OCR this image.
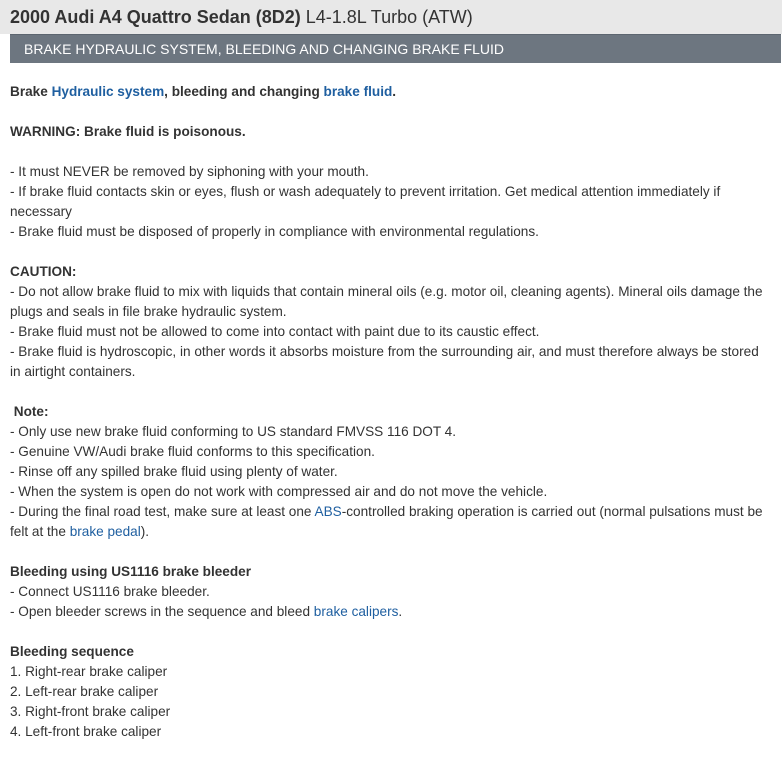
2000 Audi A4 Quattro Sedan (8D2) L4-1.8L Turbo (ATW)
BRAKE HYDRAULIC SYSTEM, BLEEDING AND CHANGING BRAKE FLUID

Brake Hydraulic system, bleeding and changing brake fluid.

WARNING: Brake fluid is poisonous.

- It must NEVER be removed by siphoning with your mouth.
- If brake fluid contacts skin or eyes, flush or wash adequately to prevent irritation. Get medical attention immediately if necessary
- Brake fluid must be disposed of properly in compliance with environmental regulations.

CAUTION:

- Do not allow brake fluid to mix with liquids that contain mineral oils (e.g. motor oil, cleaning agents). Mineral oils damage the plugs and seals in file brake hydraulic system.
- Brake fluid must not be allowed to come into contact with paint due to its caustic effect.
- Brake fluid is hydroscopic, in other words it absorbs moisture from the surrounding air, and must therefore always be stored in airtight containers.

Note:

- Only use new brake fluid conforming to US standard FMVSS 116 DOT 4.
- Genuine VW/Audi brake fluid conforms to this specification.
- Rinse off any spilled brake fluid using plenty of water.
- When the system is open do not work with compressed air and do not move the vehicle.
- During the final road test, make sure at least one ABS-controlled braking operation is carried out (normal pulsations must be felt at the brake pedal).

Bleeding using US1116 brake bleeder

- Connect US1116 brake bleeder.
- Open bleeder screws in the sequence and bleed brake calipers.

Bleeding sequence

1. Right-rear brake caliper
2. Left-rear brake caliper
3. Right-front brake caliper
4. Left-front brake caliper
